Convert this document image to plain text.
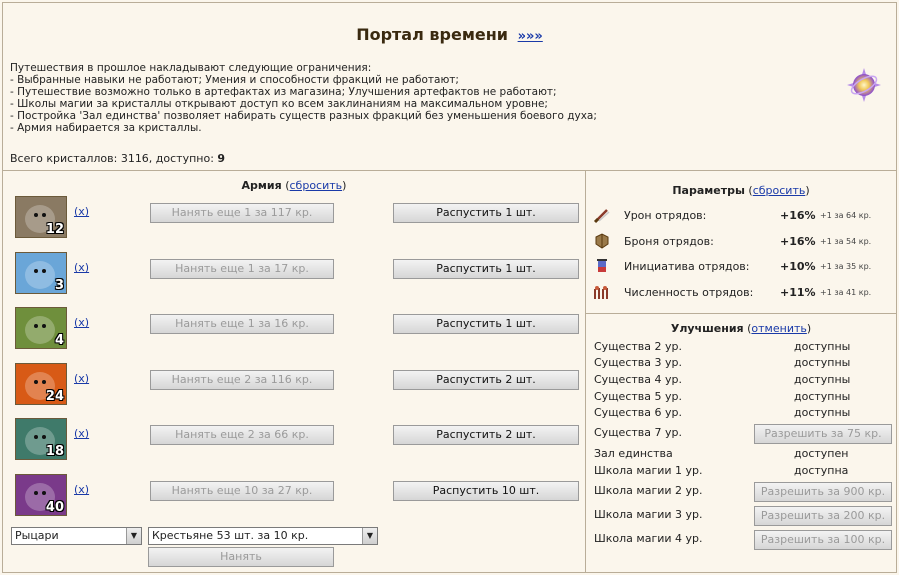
Портал времени »»»
Путешествия в прошлое накладывают следующие ограничения:
- Выбранные навыки не работают; Умения и способности фракций не работают;
- Путешествие возможно только в артефактах из магазина; Улучшения артефактов не работают;
- Школы магии за кристаллы открывают доступ ко всем заклинаниям на максимальном уровне;
- Постройка 'Зал единства' позволяет набирать существ разных фракций без уменьшения боевого духа;
- Армия набирается за кристаллы.
Всего кристаллов: 3116, доступно: 9
Армия (сбросить)
12
(x)	Нанять еще 1 за 117 кр.	Распустить 1 шт.
3
(x)	Нанять еще 1 за 17 кр.	Распустить 1 шт.
4
(x)	Нанять еще 1 за 16 кр.	Распустить 1 шт.
24
(x)	Нанять еще 2 за 116 кр.	Распустить 2 шт.
18
(x)	Нанять еще 2 за 66 кр.	Распустить 2 шт.
40
(x)	Нанять еще 10 за 27 кр.	Распустить 10 шт.
Рыцари	▼	Крестьяне 53 шт. за 10 кр.	▼
Нанять
Параметры (сбросить)
Урон отрядов:	+16% +1 за 64 кр.
Броня отрядов:	+16% +1 за 54 кр.
Инициатива отрядов:	+10% +1 за 35 кр.
Численность отрядов: +11% +1 за 41 кр.
Улучшения (отменить)
Существа 2 ур.	доступны
Существа 3 ур.	доступны
Существа 4 ур.	доступны
Существа 5 ур.	доступны
Существа 6 ур.	доступны
Существа 7 ур.	Разрешить за 75 кр.
Зал единства	доступен
Школа магии 1 ур.	доступна
Школа магии 2 ур.	Разрешить за 900 кр.
Школа магии 3 ур.	Разрешить за 200 кр.
Школа магии 4 ур.	Разрешить за 100 кр.
